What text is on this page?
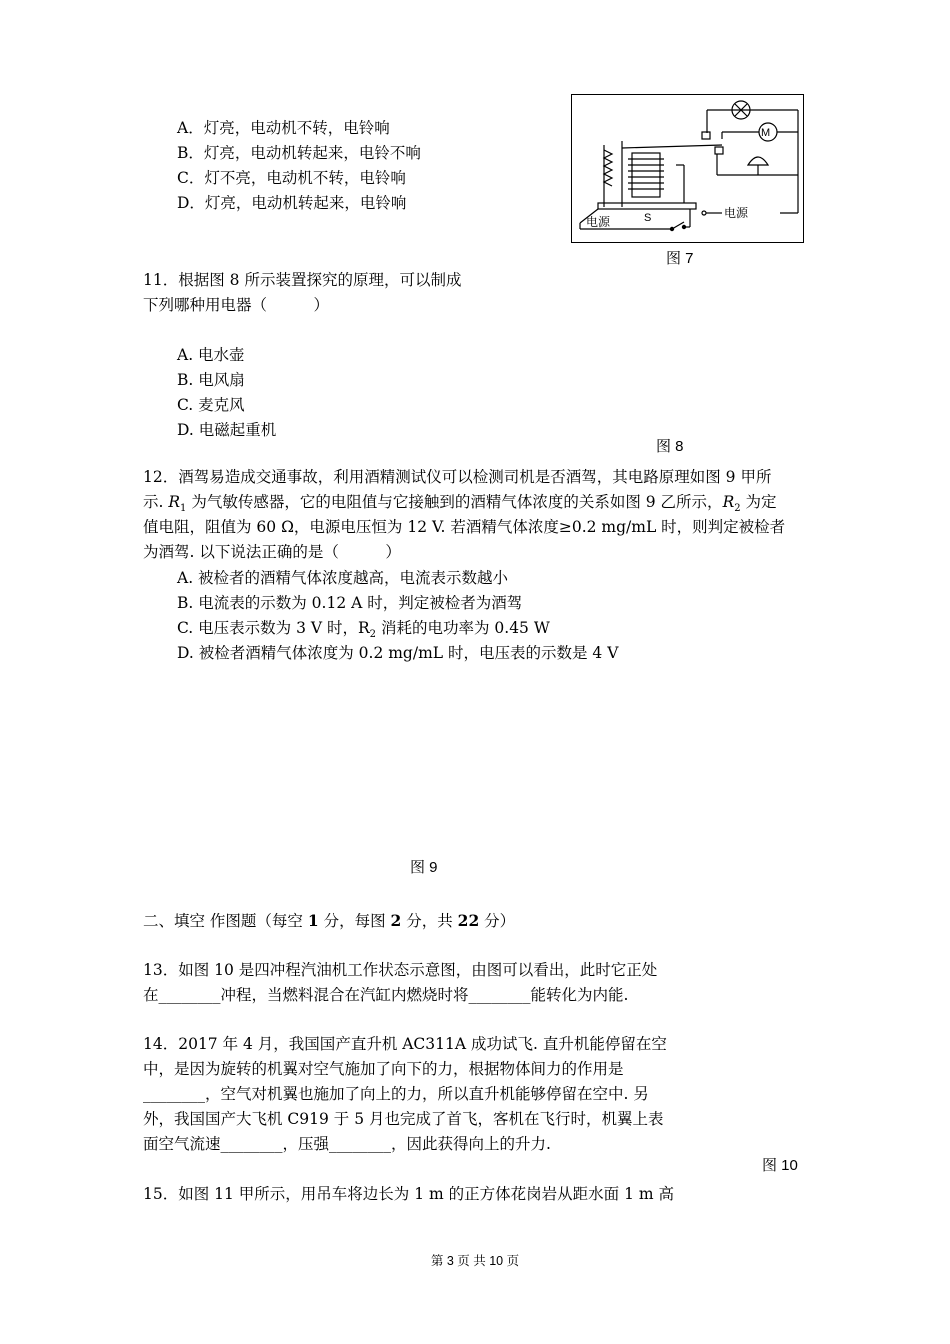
A．灯亮，电动机不转，电铃响
B．灯亮，电动机转起来，电铃不响
C．灯不亮，电动机不转，电铃响
D．灯亮，电动机转起来，电铃响
M
电源
电源	S
图 7
11．根据图 8 所示装置探究的原理，可以制成
下列哪种用电器（　　　）
A. 电水壶
B. 电风扇
C. 麦克风
D. 电磁起重机
图 8
12．酒驾易造成交通事故，利用酒精测试仪可以检测司机是否酒驾，其电路原理如图 9 甲所
示. $R_1$ 为气敏传感器，它的电阻值与它接触到的酒精气体浓度的关系如图 9 乙所示，$R_2$ 为定
值电阻，阻值为 60 Ω，电源电压恒为 12 V. 若酒精气体浓度≥0.2 mg/mL 时，则判定被检者
为酒驾. 以下说法正确的是（　　　）
A. 被检者的酒精气体浓度越高，电流表示数越小
B. 电流表的示数为 0.12 A 时，判定被检者为酒驾
C. 电压表示数为 3 V 时，$R_2$ 消耗的电功率为 0.45 W
D. 被检者酒精气体浓度为 0.2 mg/mL 时，电压表的示数是 4 V
图 9
二、填空 作图题（每空 1 分，每图 2 分，共 22 分）
13．如图 10 是四冲程汽油机工作状态示意图，由图可以看出，此时它正处
在________冲程，当燃料混合在汽缸内燃烧时将________能转化为内能.
14．2017 年 4 月，我国国产直升机 AC311A 成功试飞. 直升机能停留在空
中，是因为旋转的机翼对空气施加了向下的力，根据物体间力的作用是
________，空气对机翼也施加了向上的力，所以直升机能够停留在空中. 另
外，我国国产大飞机 C919 于 5 月也完成了首飞，客机在飞行时，机翼上表
面空气流速________，压强________，因此获得向上的升力.
图 10
15．如图 11 甲所示，用吊车将边长为 1 m 的正方体花岗岩从距水面 1 m 高
第 3 页 共 10 页
